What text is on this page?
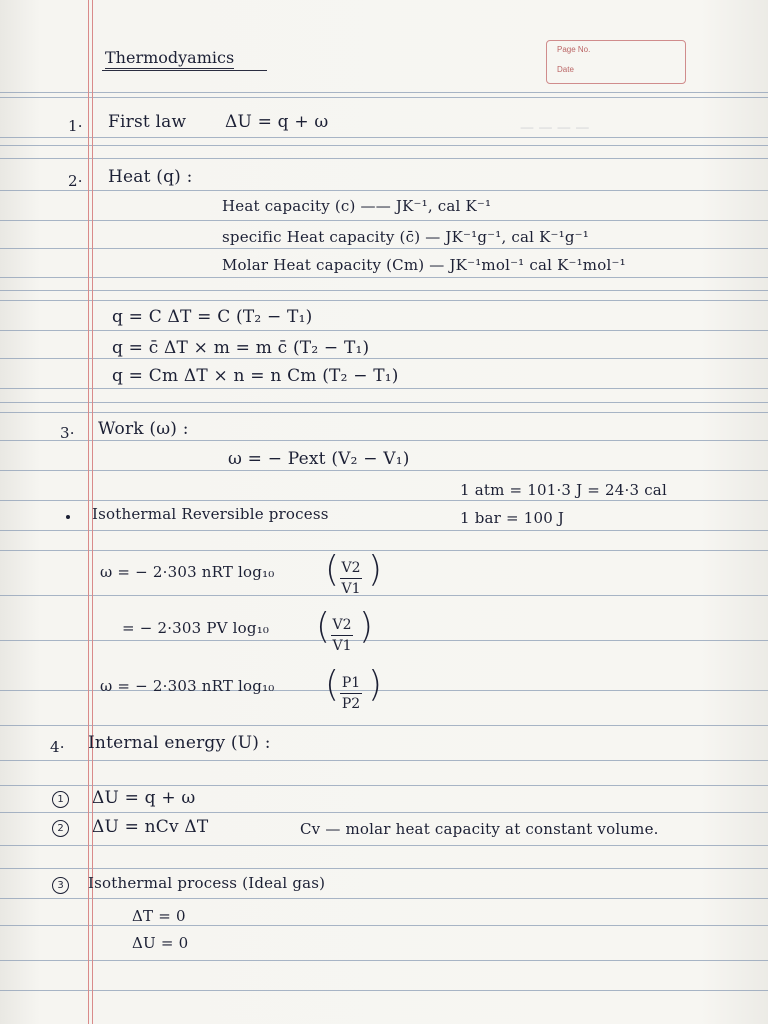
Thermodyamics	Page No.
Date
— — — —
1· First law ΔU = q + ω
2· Heat (q) :
Heat capacity (c) —— JK⁻¹, cal K⁻¹
specific Heat capacity (c̄) — JK⁻¹g⁻¹, cal K⁻¹g⁻¹
Molar Heat capacity (Cm) — JK⁻¹mol⁻¹ cal K⁻¹mol⁻¹
q = C ΔT = C (T₂ − T₁)
q = c̄ ΔT × m = m c̄ (T₂ − T₁)
q = Cm ΔT × n = n Cm (T₂ − T₁)
3· Work (ω) :
ω = − Pext (V₂ − V₁)
1 atm = 101·3 J = 24·3 cal
1 bar = 100 J
Isothermal Reversible process
ω = − 2·303 nRT log₁₀ ( V2
V1 )
= − 2·303 PV log₁₀ ( V2
V1 )
ω = − 2·303 nRT log₁₀ ( P1
P2 )
4· Internal energy (U) :
1	ΔU = q + ω
2	ΔU = nCv ΔT	Cv — molar heat capacity at constant volume.
3	Isothermal process (Ideal gas)
ΔT = 0
ΔU = 0
